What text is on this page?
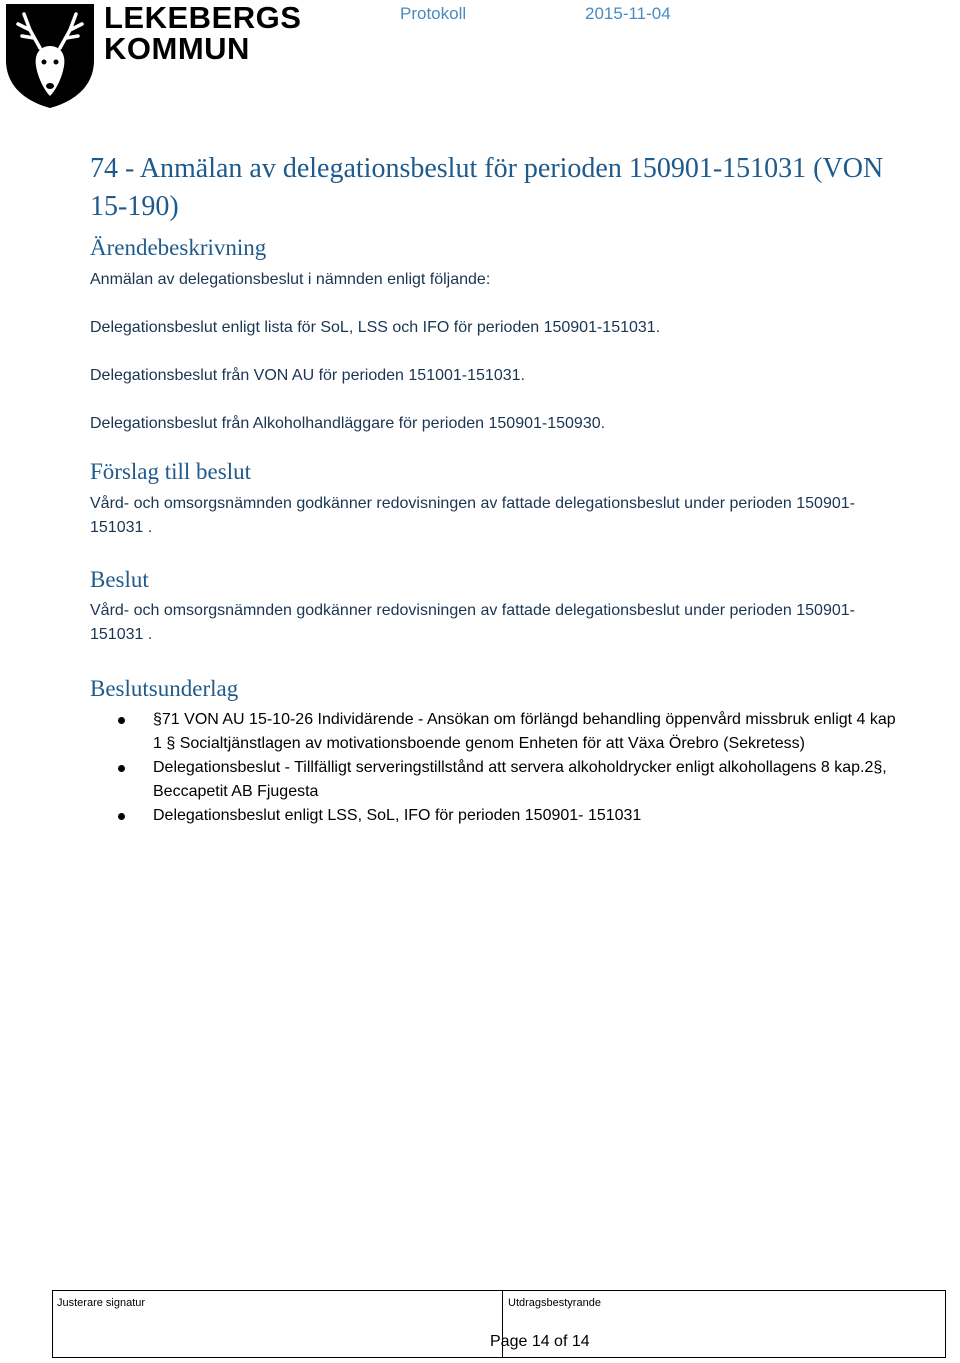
LEKEBERGS
KOMMUN
Protokoll	2015-11-04
74 - Anmälan av delegationsbeslut för perioden 150901-151031 (VON 15-190)
Ärendebeskrivning
Anmälan av delegationsbeslut i nämnden enligt följande:
Delegationsbeslut enligt lista för SoL, LSS och IFO för perioden 150901-151031.
Delegationsbeslut från VON AU för perioden 151001-151031.
Delegationsbeslut från Alkoholhandläggare för perioden 150901-150930.
Förslag till beslut
Vård- och omsorgsnämnden godkänner redovisningen av fattade delegationsbeslut under perioden 150901-151031 .
Beslut
Vård- och omsorgsnämnden godkänner redovisningen av fattade delegationsbeslut under perioden 150901-151031 .
Beslutsunderlag
§71 VON AU 15-10-26 Individärende - Ansökan om förlängd behandling öppenvård missbruk enligt 4 kap 1 § Socialtjänstlagen av motivationsboende genom Enheten för att Växa Örebro (Sekretess)
Delegationsbeslut - Tillfälligt serveringstillstånd att servera alkoholdrycker enligt alkohollagens 8 kap.2§, Beccapetit AB Fjugesta
Delegationsbeslut enligt LSS, SoL, IFO för perioden 150901- 151031
Justerare signatur	Utdragsbestyrande
Page 14 of 14
